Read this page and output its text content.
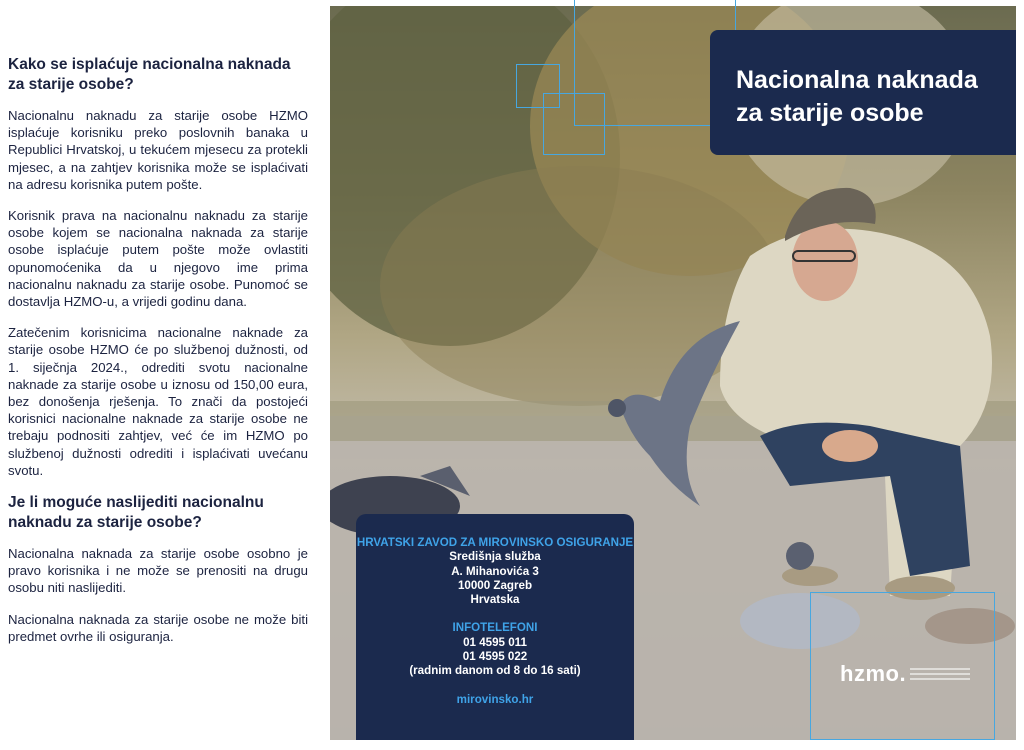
Kako se isplaćuje nacionalna naknada za starije osobe?

Nacionalnu naknadu za starije osobe HZMO isplaćuje korisniku preko poslovnih banaka u Republici Hrvatskoj, u tekućem mjesecu za protekli mjesec, a na zahtjev korisnika može se isplaćivati na adresu korisnika putem pošte.

Korisnik prava na nacionalnu naknadu za starije osobe kojem se nacionalna naknada za starije osobe isplaćuje putem pošte može ovlastiti opunomoćenika da u njegovo ime prima nacionalnu naknadu za starije osobe. Punomoć se dostavlja HZMO-u, a vrijedi godinu dana.

Zatečenim korisnicima nacionalne naknade za starije osobe HZMO će po službenoj dužnosti, od 1. siječnja 2024., odrediti svotu nacionalne naknade za starije osobe u iznosu od 150,00 eura, bez donošenja rješenja. To znači da postojeći korisnici nacionalne naknade za starije osobe ne trebaju podnositi zahtjev, već će im HZMO po službenoj dužnosti odrediti i isplaćivati uvećanu svotu.

Je li moguće naslijediti nacionalnu naknadu za starije osobe?

Nacionalna naknada za starije osobe osobno je pravo korisnika i ne može se prenositi na drugu osobu niti naslijediti.

Nacionalna naknada za starije osobe ne može biti predmet ovrhe ili osiguranja.

Nacionalna naknada
za starije osobe
HRVATSKI ZAVOD ZA MIROVINSKO OSIGURANJE
Središnja služba
A. Mihanovića 3
10000 Zagreb
Hrvatska
INFOTELEFONI
01 4595 011
01 4595 022
(radnim danom od 8 do 16 sati)
mirovinsko.hr
hzmo.
